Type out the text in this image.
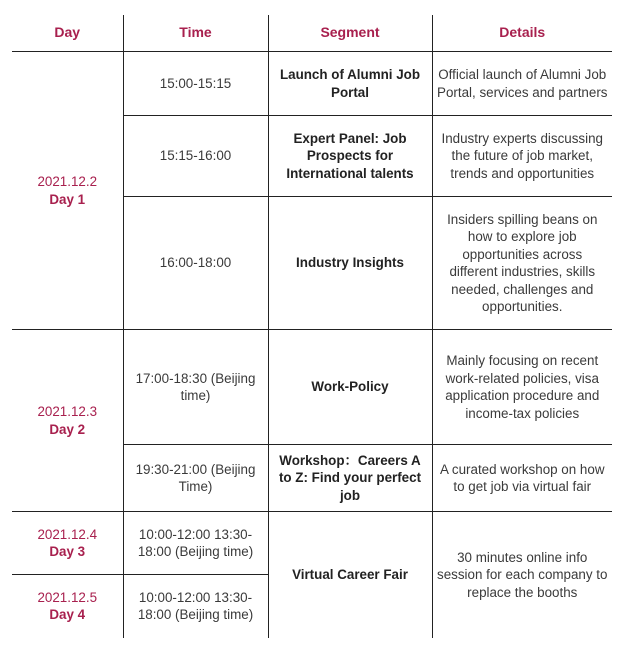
Day	Time	Segment	Details

2021.12.2
Day 1	15:00-15:15	Launch of Alumni Job Portal	Official launch of Alumni Job Portal, services and partners
	15:15-16:00	Expert Panel: Job Prospects for International talents	Industry experts discussing the future of job market, trends and opportunities
	16:00-18:00	Industry Insights	Insiders spilling beans on how to explore job opportunities across different industries, skills needed, challenges and opportunities.

2021.12.3
Day 2	17:00-18:30 (Beijing time)	Work-Policy	Mainly focusing on recent work-related policies, visa application procedure and income-tax policies
	19:30-21:00 (Beijing Time)	Workshop：Careers A to Z: Find your perfect job	A curated workshop on how to get job via virtual fair

2021.12.4
Day 3	10:00-12:00 13:30-18:00 (Beijing time)	Virtual Career Fair	30 minutes online info session for each company to replace the booths

2021.12.5
Day 4	10:00-12:00 13:30-18:00 (Beijing time)		
